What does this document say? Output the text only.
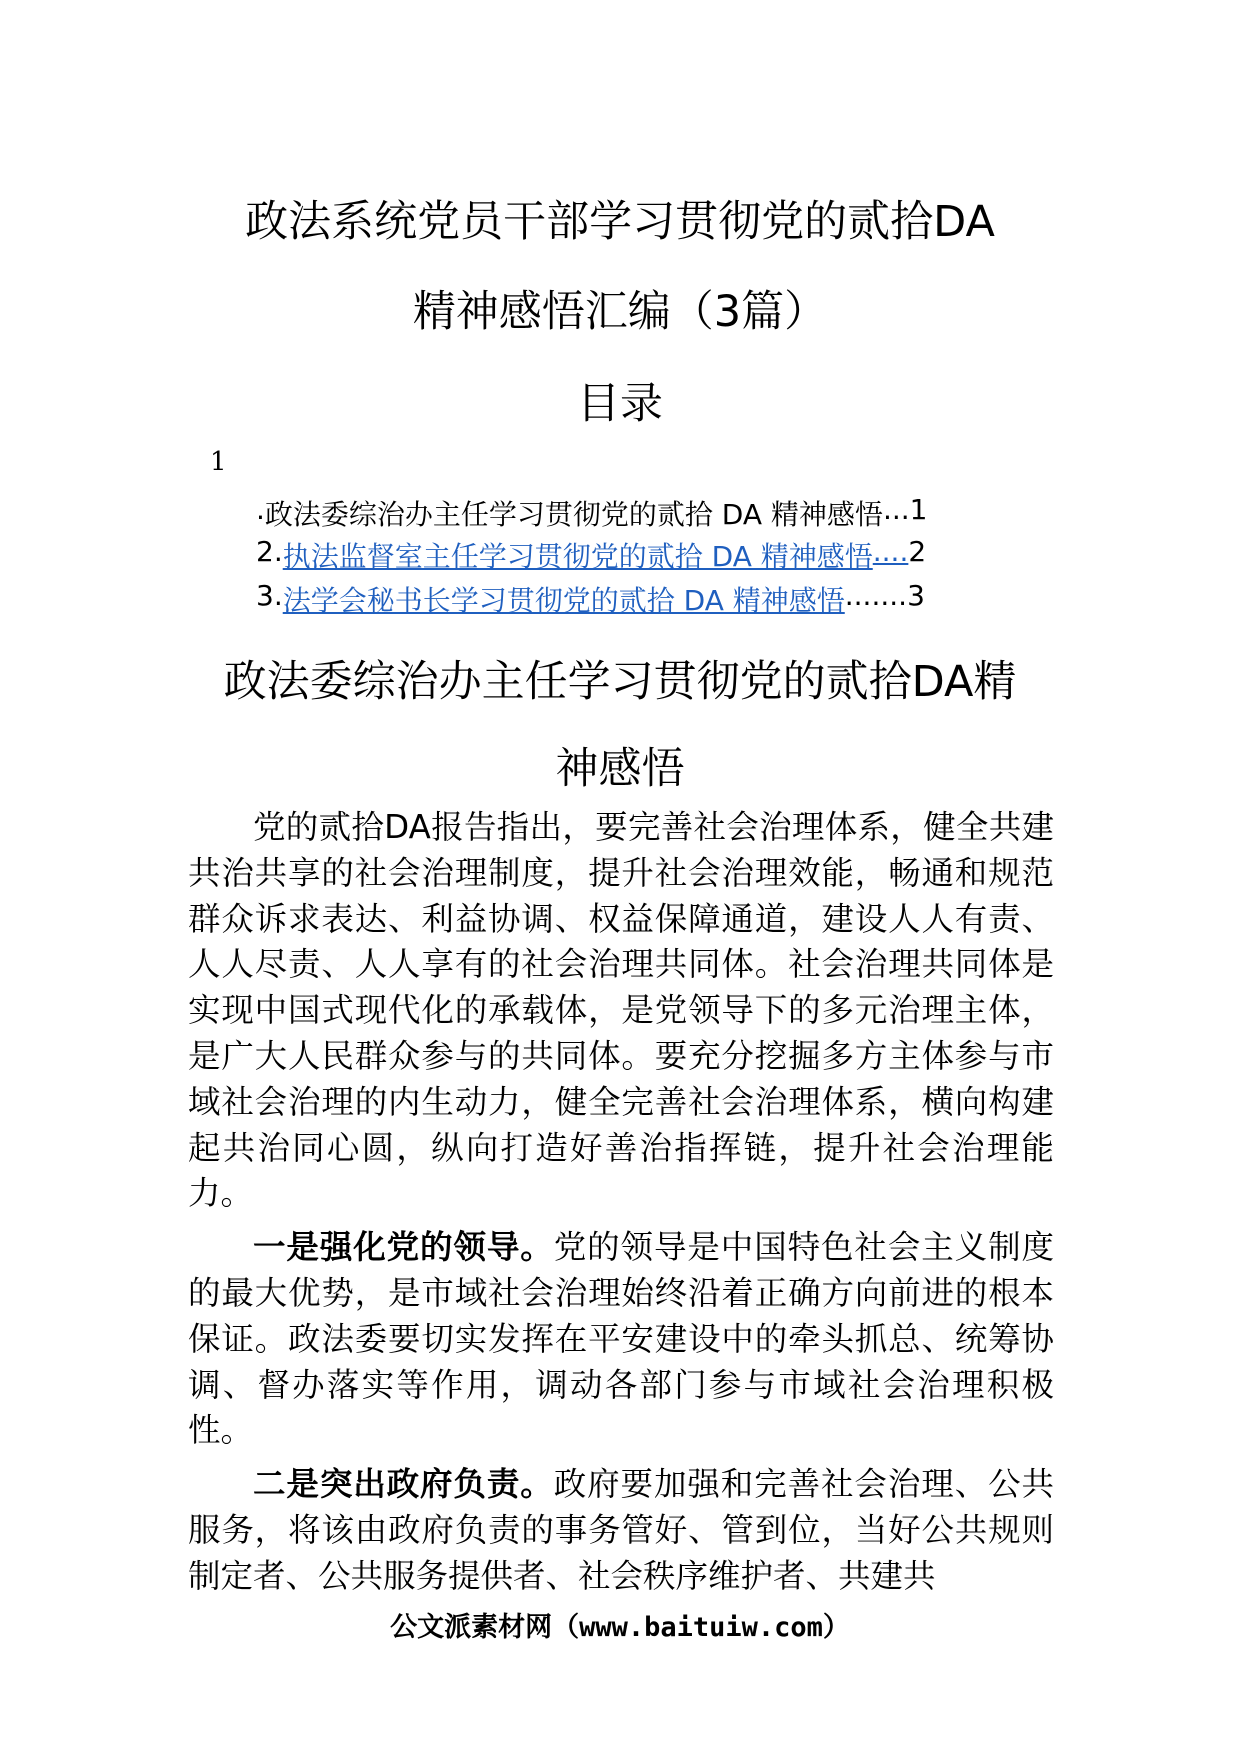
政法系统党员干部学习贯彻党的贰拾DA
精神感悟汇编（3篇）
目录
1
. 政法委综治办主任学习贯彻党的贰拾 DA 精神感悟 ... 1
2. 执法监督室主任学习贯彻党的贰拾 DA 精神感悟 .... 2
3. 法学会秘书长学习贯彻党的贰拾 DA 精神感悟 ....... 3
政法委综治办主任学习贯彻党的贰拾DA精
神感悟

党的贰拾DA报告指出，要完善社会治理体系，健全共建共治共享的社会治理制度，提升社会治理效能，畅通和规范群众诉求表达、利益协调、权益保障通道，建设人人有责、人人尽责、人人享有的社会治理共同体。社会治理共同体是实现中国式现代化的承载体，是党领导下的多元治理主体，是广大人民群众参与的共同体。要充分挖掘多方主体参与市域社会治理的内生动力，健全完善社会治理体系，横向构建起共治同心圆，纵向打造好善治指挥链，提升社会治理能力。

一是强化党的领导。党的领导是中国特色社会主义制度的最大优势，是市域社会治理始终沿着正确方向前进的根本保证。政法委要切实发挥在平安建设中的牵头抓总、统筹协调、督办落实等作用，调动各部门参与市域社会治理积极性。

二是突出政府负责。政府要加强和完善社会治理、公共服务，将该由政府负责的事务管好、管到位，当好公共规则制定者、公共服务提供者、社会秩序维护者、共建共

公文派素材网（www.baituiw.com）
